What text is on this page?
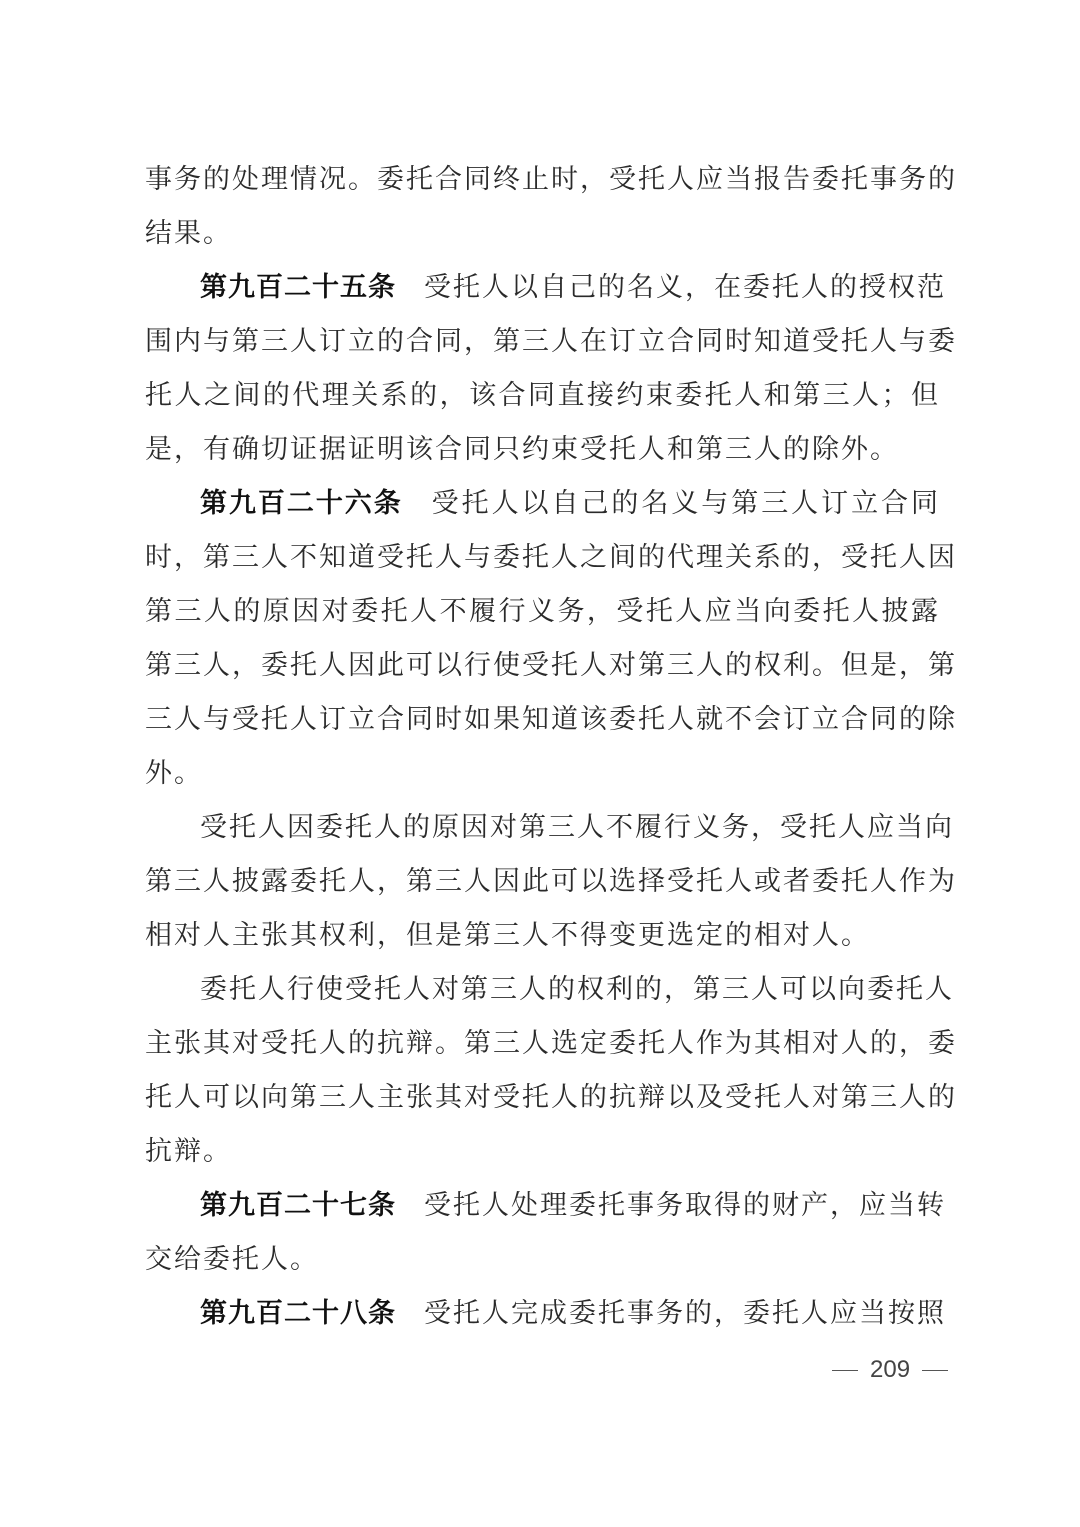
事务的处理情况。委托合同终止时，受托人应当报告委托事务的
结果。
第九百二十五条 受托人以自己的名义，在委托人的授权范
围内与第三人订立的合同，第三人在订立合同时知道受托人与委
托人之间的代理关系的，该合同直接约束委托人和第三人；但
是，有确切证据证明该合同只约束受托人和第三人的除外。
第九百二十六条 受托人以自己的名义与第三人订立合同
时，第三人不知道受托人与委托人之间的代理关系的，受托人因
第三人的原因对委托人不履行义务，受托人应当向委托人披露
第三人，委托人因此可以行使受托人对第三人的权利。但是，第
三人与受托人订立合同时如果知道该委托人就不会订立合同的除
外。
受托人因委托人的原因对第三人不履行义务，受托人应当向
第三人披露委托人，第三人因此可以选择受托人或者委托人作为
相对人主张其权利，但是第三人不得变更选定的相对人。
委托人行使受托人对第三人的权利的，第三人可以向委托人
主张其对受托人的抗辩。第三人选定委托人作为其相对人的，委
托人可以向第三人主张其对受托人的抗辩以及受托人对第三人的
抗辩。
第九百二十七条 受托人处理委托事务取得的财产，应当转
交给委托人。
第九百二十八条 受托人完成委托事务的，委托人应当按照
209
